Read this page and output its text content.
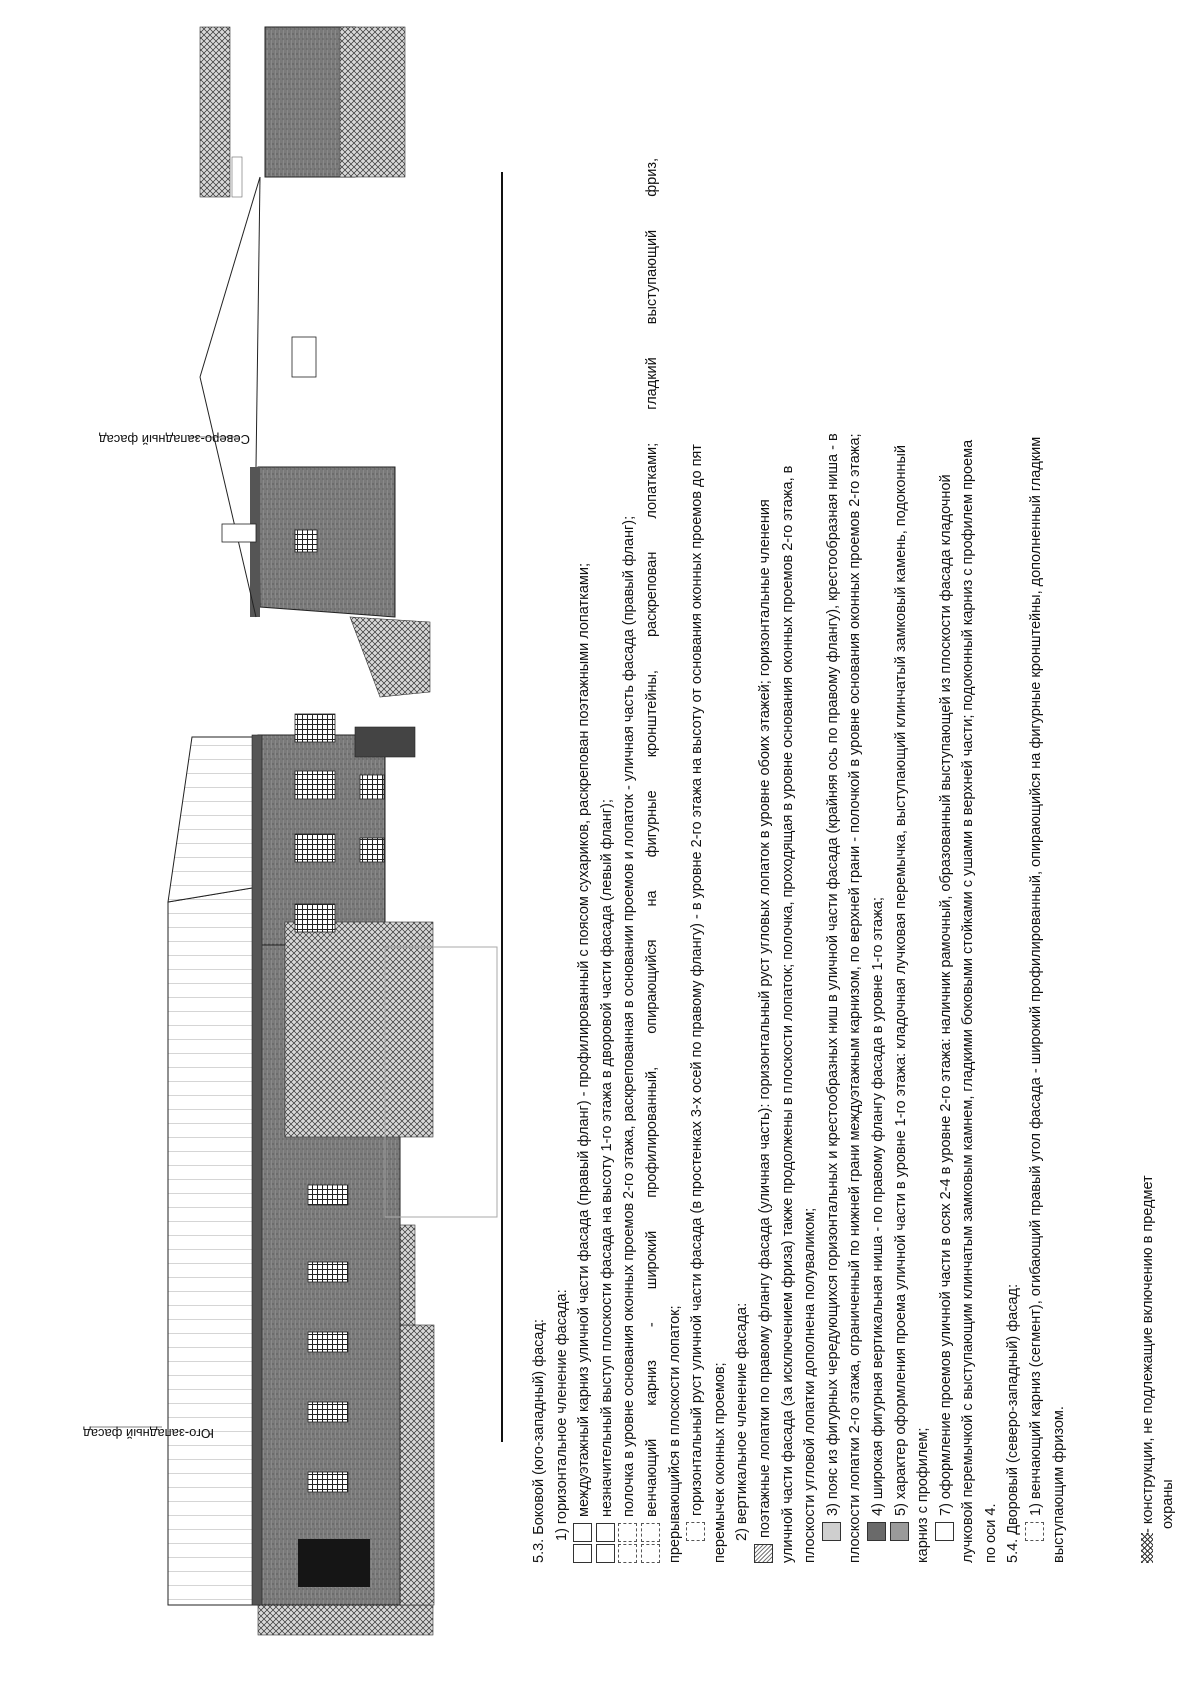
Юго-западный фасад
Северо-западный фасад
5.3. Боковой (юго-западный) фасад: 1) горизонтальное членение фасада: междуэтажный карниз уличной части фасада (правый фланг) - профилированный с поясом сухариков, раскрепован поэтажными лопатками; незначительный выступ плоскости фасада на высоту 1-го этажа в дворовой части фасада (левый фланг); полочка в уровне основания оконных проемов 2-го этажа, раскрепованная в основании проемов и лопаток - уличная часть фасада (правый фланг); венчающий карниз - широкий профилированный, опирающийся на фигурные кронштейны, раскрепован лопатками; гладкий выступающий фриз, прерывающийся в плоскости лопаток; горизонтальный руст уличной части фасада (в простенках 3-х осей по правому флангу) - в уровне 2-го этажа на высоту от основания оконных проемов до пят перемычек оконных проемов; 2) вертикальное членение фасада: поэтажные лопатки по правому флангу фасада (уличная часть): горизонтальный руст угловых лопаток в уровне обоих этажей; горизонтальные членения уличной части фасада (за исключением фриза) также продолжены в плоскости лопаток; полочка, проходящая в уровне основания оконных проемов 2-го этажа, в плоскости угловой лопатки дополнена полуваликом; 3) пояс из фигурных чередующихся горизонтальных и крестообразных ниш в уличной части фасада (крайняя ось по правому флангу), крестообразная ниша - в плоскости лопатки 2-го этажа, ограниченный по нижней грани междуэтажным карнизом, по верхней грани - полочкой в уровне основания оконных проемов 2-го этажа; 4) широкая фигурная вертикальная ниша - по правому флангу фасада в уровне 1-го этажа; 5) характер оформления проема уличной части в уровне 1-го этажа: кладочная лучковая перемычка, выступающий клинчатый замковый камень, подоконный карниз с профилем; 7) оформление проемов уличной части в осях 2-4 в уровне 2-го этажа: наличник рамочный, образованный выступающей из плоскости фасада кладочной лучковой перемычкой с выступающим клинчатым замковым камнем, гладкими боковыми стойками с ушами в верхней части; подоконный карниз с профилем проема по оси 4. 5.4. Дворовый (северо-западный) фасад: 1) венчающий карниз (сегмент), огибающий правый угол фасада - широкий профилированный, опирающийся на фигурные кронштейны, дополненный гладким выступающим фризом.	- конструкции, не подлежащие включению в предмет охраны
